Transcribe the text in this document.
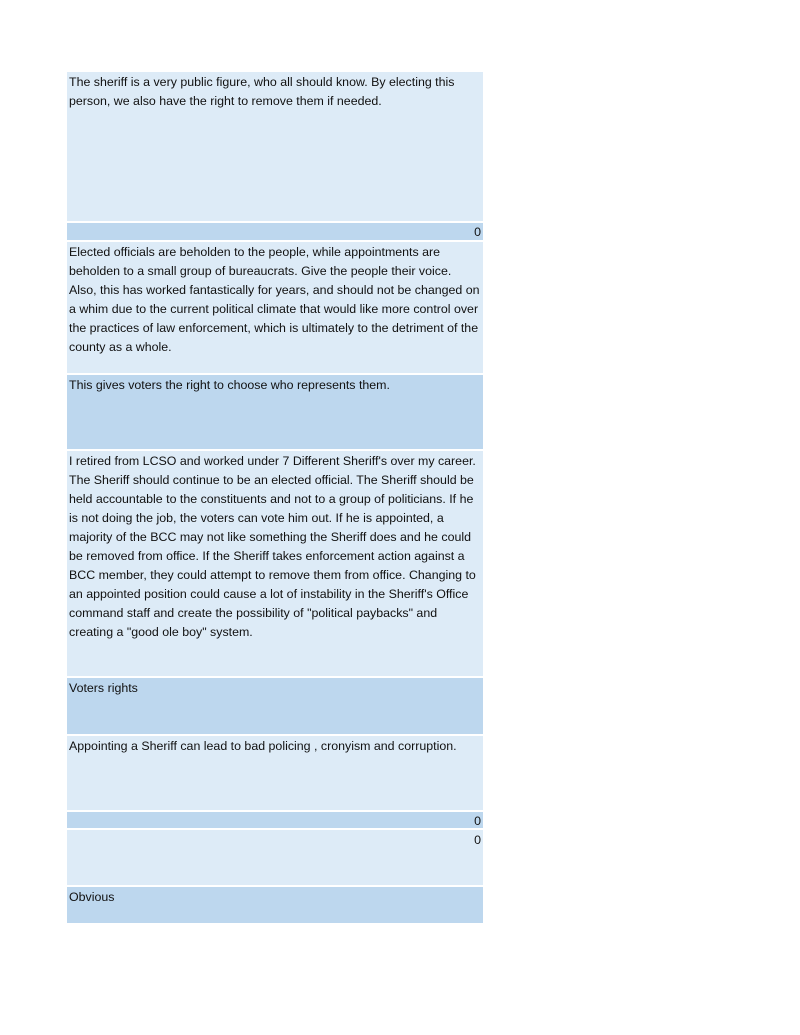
The sheriff is a very public figure, who all should know. By electing this person, we also have the right to remove them if needed.

0

Elected officials are beholden to the people, while appointments are beholden to a small group of bureaucrats. Give the people their voice. Also, this has worked fantastically for years, and should not be changed on a whim due to the current political climate that would like more control over the practices of law enforcement, which is ultimately to the detriment of the county as a whole.

This gives voters the right to choose who represents them.

I retired from LCSO and worked under 7 Different Sheriff's over my career. The Sheriff should continue to be an elected official. The Sheriff should be held accountable to the constituents and not to a group of politicians. If he is not doing the job, the voters can vote him out. If he is appointed, a majority of the BCC may not like something the Sheriff does and he could be removed from office. If the Sheriff takes enforcement action against a BCC member, they could attempt to remove them from office. Changing to an appointed position could cause a lot of instability in the Sheriff's Office command staff and create the possibility of "political paybacks" and creating a "good ole boy" system.

Voters rights

Appointing a Sheriff can lead to bad policing , cronyism and corruption.

0

0

Obvious
